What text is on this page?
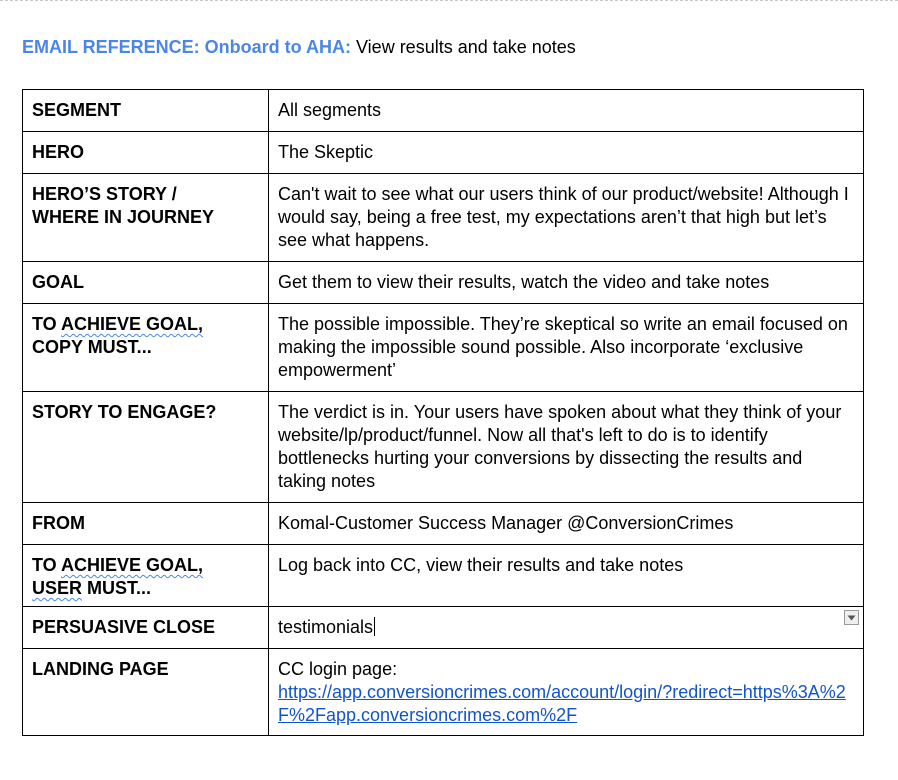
EMAIL REFERENCE: Onboard to AHA: View results and take notes
SEGMENT	All segments
HERO	The Skeptic
HERO’S STORY /
WHERE IN JOURNEY	Can't wait to see what our users think of our product/website! Although I would say, being a free test, my expectations aren’t that high but let’s see what happens.
GOAL	Get them to view their results, watch the video and take notes
TO ACHIEVE GOAL,
COPY MUST...	The possible impossible. They’re skeptical so write an email focused on making the impossible sound possible. Also incorporate ‘exclusive empowerment’
STORY TO ENGAGE?	The verdict is in. Your users have spoken about what they think of your website/lp/product/funnel. Now all that's left to do is to identify bottlenecks hurting your conversions by dissecting the results and taking notes
FROM	Komal-Customer Success Manager @ConversionCrimes
TO ACHIEVE GOAL,
USER MUST...	Log back into CC, view their results and take notes
PERSUASIVE CLOSE	testimonials

LANDING PAGE	CC login page:
https://app.conversioncrimes.com/account/login/?redirect=https%3A%2F%2Fapp.conversioncrimes.com%2F
